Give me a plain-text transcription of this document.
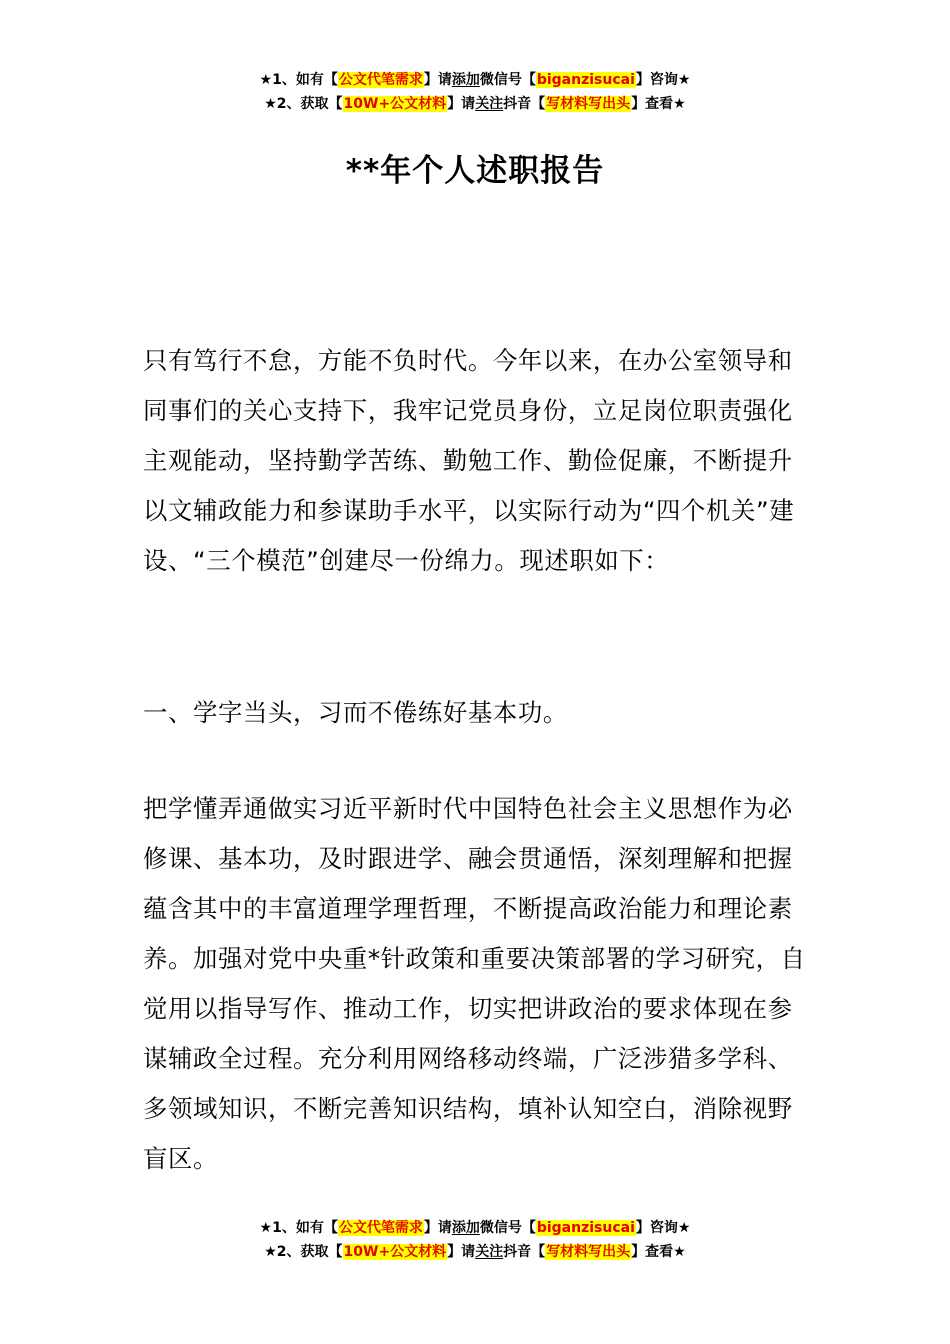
★1、如有【公文代笔需求】请添加微信号【biganzisucai】咨询★
★2、获取【10W+公文材料】请关注抖音【写材料写出头】查看★
**年个人述职报告

只有笃行不怠，方能不负时代。今年以来，在办公室领导和同事们的关心支持下，我牢记党员身份，立足岗位职责强化主观能动，坚持勤学苦练、勤勉工作、勤俭促廉，不断提升以文辅政能力和参谋助手水平，以实际行动为“四个机关”建设、“三个模范”创建尽一份绵力。现述职如下：

一、学字当头，习而不倦练好基本功。

把学懂弄通做实习近平新时代中国特色社会主义思想作为必修课、基本功，及时跟进学、融会贯通悟，深刻理解和把握蕴含其中的丰富道理学理哲理，不断提高政治能力和理论素养。加强对党中央重*针政策和重要决策部署的学习研究，自觉用以指导写作、推动工作，切实把讲政治的要求体现在参谋辅政全过程。充分利用网络移动终端，广泛涉猎多学科、多领域知识，不断完善知识结构，填补认知空白，消除视野盲区。

★1、如有【公文代笔需求】请添加微信号【biganzisucai】咨询★
★2、获取【10W+公文材料】请关注抖音【写材料写出头】查看★
